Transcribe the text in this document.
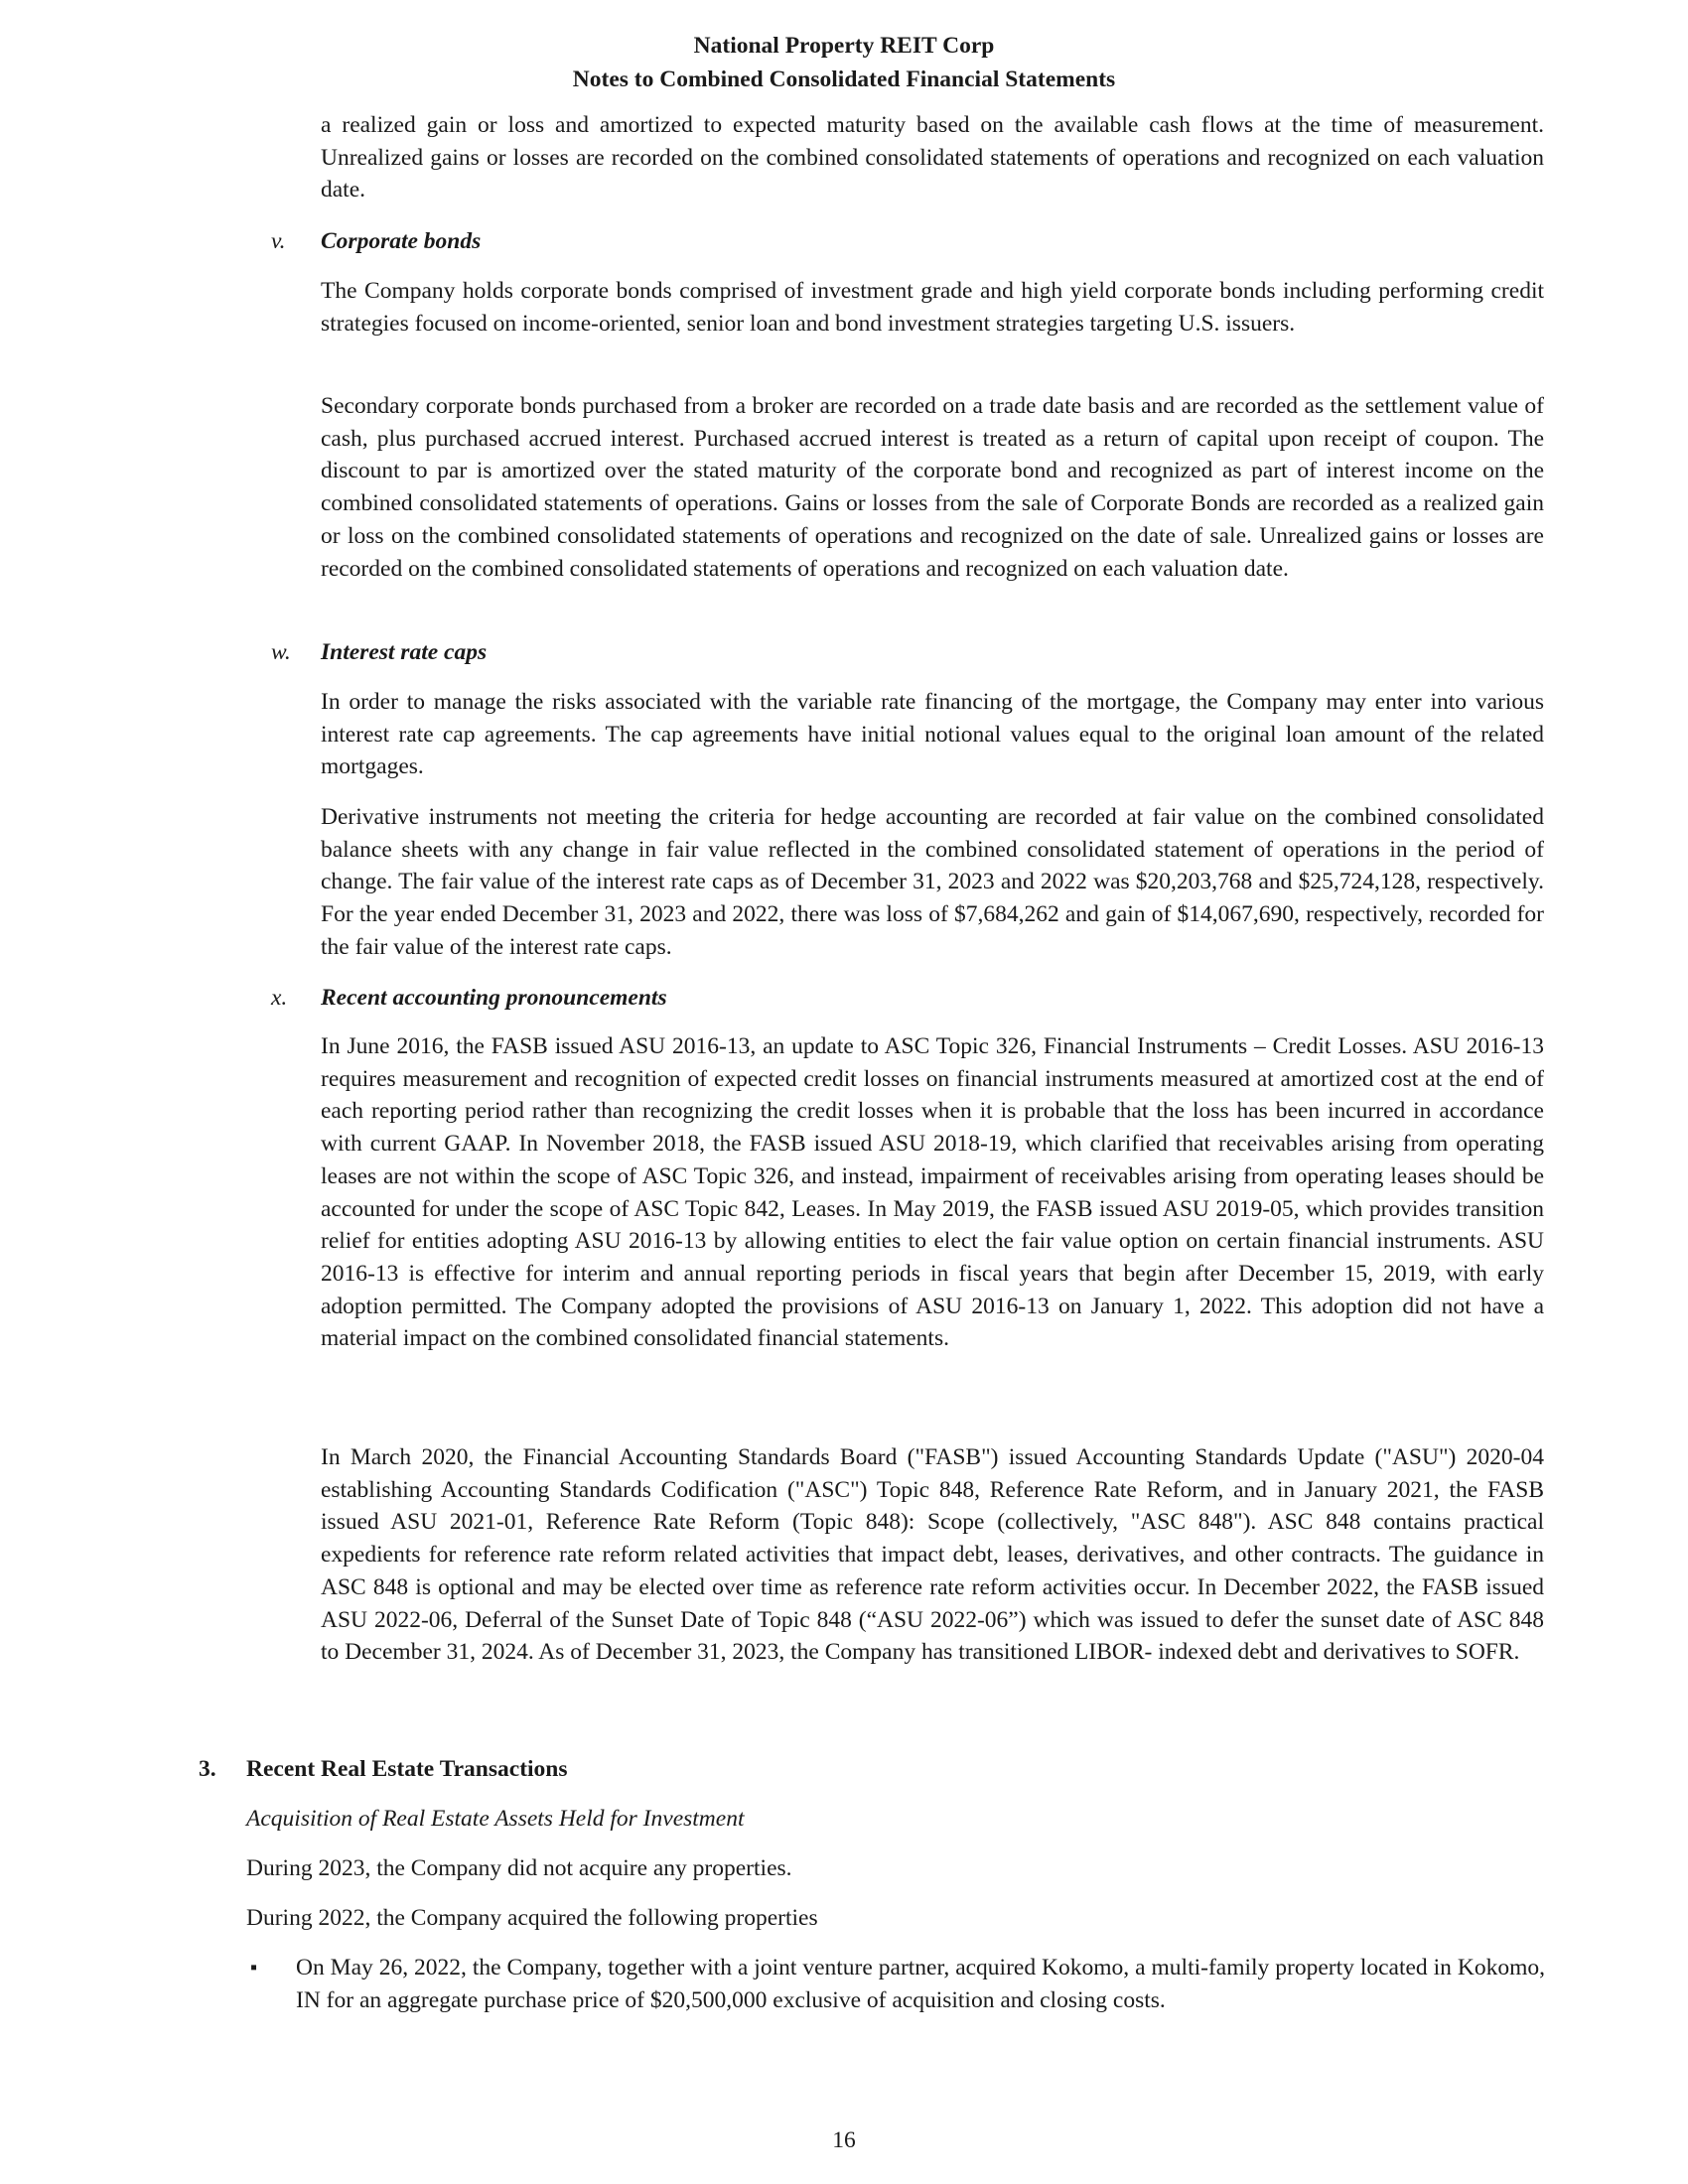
National Property REIT Corp
Notes to Combined Consolidated Financial Statements

a realized gain or loss and amortized to expected maturity based on the available cash flows at the time of measurement. Unrealized gains or losses are recorded on the combined consolidated statements of operations and recognized on each valuation date.

v. Corporate bonds

The Company holds corporate bonds comprised of investment grade and high yield corporate bonds including performing credit strategies focused on income-oriented, senior loan and bond investment strategies targeting U.S. issuers.

Secondary corporate bonds purchased from a broker are recorded on a trade date basis and are recorded as the settlement value of cash, plus purchased accrued interest. Purchased accrued interest is treated as a return of capital upon receipt of coupon. The discount to par is amortized over the stated maturity of the corporate bond and recognized as part of interest income on the combined consolidated statements of operations. Gains or losses from the sale of Corporate Bonds are recorded as a realized gain or loss on the combined consolidated statements of operations and recognized on the date of sale. Unrealized gains or losses are recorded on the combined consolidated statements of operations and recognized on each valuation date.

w. Interest rate caps

In order to manage the risks associated with the variable rate financing of the mortgage, the Company may enter into various interest rate cap agreements. The cap agreements have initial notional values equal to the original loan amount of the related mortgages.

Derivative instruments not meeting the criteria for hedge accounting are recorded at fair value on the combined consolidated balance sheets with any change in fair value reflected in the combined consolidated statement of operations in the period of change. The fair value of the interest rate caps as of December 31, 2023 and 2022 was $20,203,768 and $25,724,128, respectively. For the year ended December 31, 2023 and 2022, there was loss of $7,684,262 and gain of $14,067,690, respectively, recorded for the fair value of the interest rate caps.

x. Recent accounting pronouncements

In June 2016, the FASB issued ASU 2016-13, an update to ASC Topic 326, Financial Instruments – Credit Losses. ASU 2016-13 requires measurement and recognition of expected credit losses on financial instruments measured at amortized cost at the end of each reporting period rather than recognizing the credit losses when it is probable that the loss has been incurred in accordance with current GAAP. In November 2018, the FASB issued ASU 2018-19, which clarified that receivables arising from operating leases are not within the scope of ASC Topic 326, and instead, impairment of receivables arising from operating leases should be accounted for under the scope of ASC Topic 842, Leases. In May 2019, the FASB issued ASU 2019-05, which provides transition relief for entities adopting ASU 2016-13 by allowing entities to elect the fair value option on certain financial instruments. ASU 2016-13 is effective for interim and annual reporting periods in fiscal years that begin after December 15, 2019, with early adoption permitted. The Company adopted the provisions of ASU 2016-13 on January 1, 2022. This adoption did not have a material impact on the combined consolidated financial statements.

In March 2020, the Financial Accounting Standards Board ("FASB") issued Accounting Standards Update ("ASU") 2020-04 establishing Accounting Standards Codification ("ASC") Topic 848, Reference Rate Reform, and in January 2021, the FASB issued ASU 2021-01, Reference Rate Reform (Topic 848): Scope (collectively, "ASC 848"). ASC 848 contains practical expedients for reference rate reform related activities that impact debt, leases, derivatives, and other contracts. The guidance in ASC 848 is optional and may be elected over time as reference rate reform activities occur. In December 2022, the FASB issued ASU 2022-06, Deferral of the Sunset Date of Topic 848 (“ASU 2022-06”) which was issued to defer the sunset date of ASC 848 to December 31, 2024. As of December 31, 2023, the Company has transitioned LIBOR- indexed debt and derivatives to SOFR.

3. Recent Real Estate Transactions
Acquisition of Real Estate Assets Held for Investment
During 2023, the Company did not acquire any properties.
During 2022, the Company acquired the following properties
▪ On May 26, 2022, the Company, together with a joint venture partner, acquired Kokomo, a multi-family property located in Kokomo, IN for an aggregate purchase price of $20,500,000 exclusive of acquisition and closing costs.

16
